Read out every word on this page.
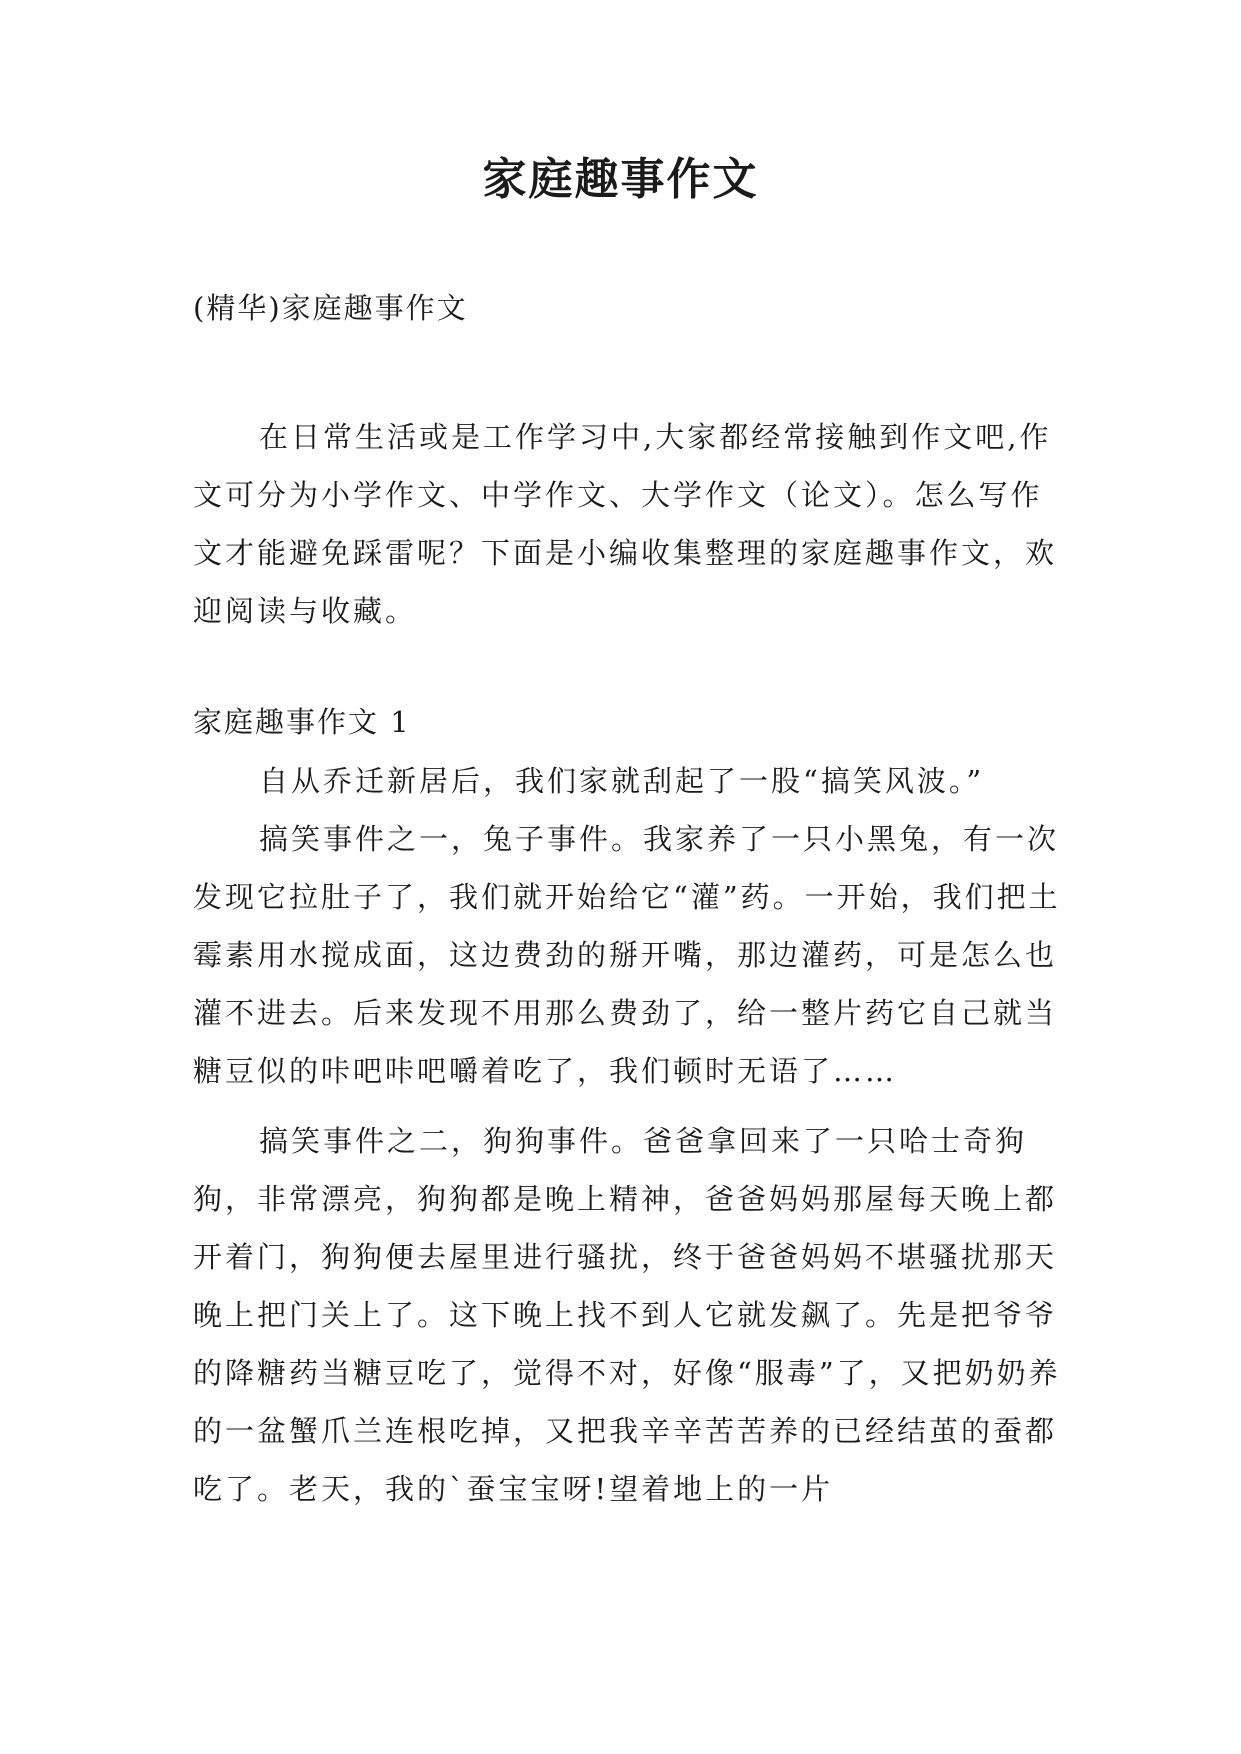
家庭趣事作文
(精华)家庭趣事作文

在日常生活或是工作学习中,大家都经常接触到作文吧,作文可分为小学作文、中学作文、大学作文（论文）。怎么写作文才能避免踩雷呢？下面是小编收集整理的家庭趣事作文，欢迎阅读与收藏。

家庭趣事作文 1

自从乔迁新居后，我们家就刮起了一股“搞笑风波。”

搞笑事件之一，兔子事件。我家养了一只小黑兔，有一次发现它拉肚子了，我们就开始给它“灌”药。一开始，我们把土霉素用水搅成面，这边费劲的掰开嘴，那边灌药，可是怎么也灌不进去。后来发现不用那么费劲了，给一整片药它自己就当糖豆似的咔吧咔吧嚼着吃了，我们顿时无语了……

搞笑事件之二，狗狗事件。爸爸拿回来了一只哈士奇狗狗，非常漂亮，狗狗都是晚上精神，爸爸妈妈那屋每天晚上都开着门，狗狗便去屋里进行骚扰，终于爸爸妈妈不堪骚扰那天晚上把门关上了。这下晚上找不到人它就发飙了。先是把爷爷的降糖药当糖豆吃了，觉得不对，好像“服毒”了，又把奶奶养的一盆蟹爪兰连根吃掉，又把我辛辛苦苦养的已经结茧的蚕都吃了。老天，我的`蚕宝宝呀!望着地上的一片
